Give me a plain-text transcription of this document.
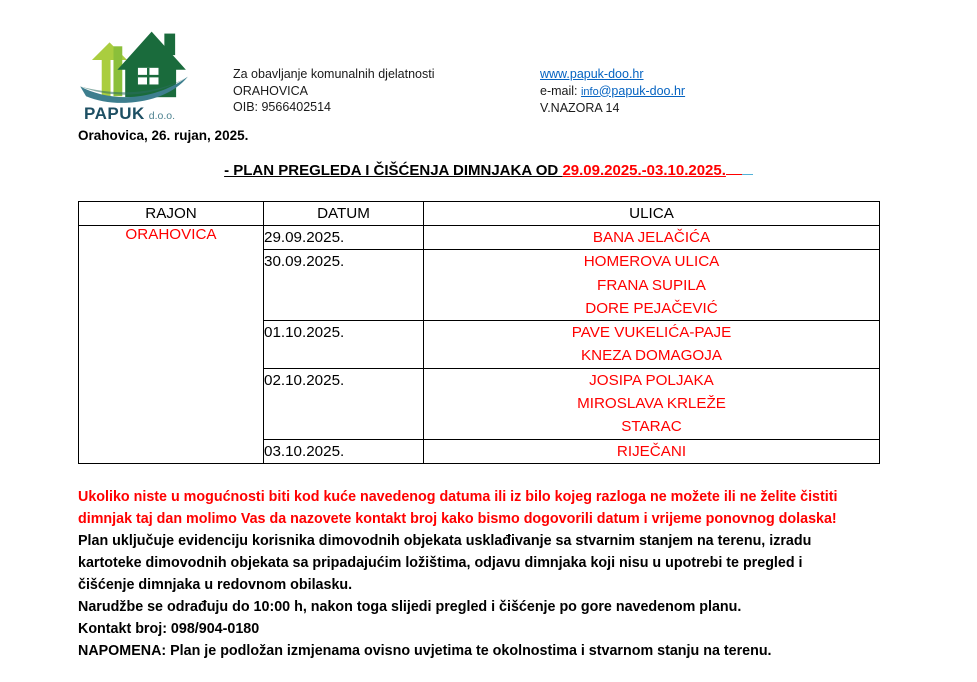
PAPUK d.o.o.
Za obavljanje komunalnih djelatnosti
ORAHOVICA
OIB: 9566402514
www.papuk-doo.hr
e-mail: info@papuk-doo.hr
V.NAZORA 14
Orahovica, 26. rujan, 2025.
- PLAN PREGLEDA I ČIŠĆENJA DIMNJAKA OD 29.09.2025.-03.10.2025.
RAJON	DATUM	ULICA
ORAHOVICA	29.09.2025.	BANA JELAČIĆA

	30.09.2025.	HOMEROVA ULICA
FRANA SUPILA
DORE PEJAČEVIĆ

	01.10.2025.	PAVE VUKELIĆA-PAJE
KNEZA DOMAGOJA

	02.10.2025.	JOSIPA POLJAKA
MIROSLAVA KRLEŽE
STARAC

	03.10.2025.	RIJEČANI
Ukoliko niste u mogućnosti biti kod kuće navedenog datuma ili iz bilo kojeg razloga ne možete ili ne želite čistiti
dimnjak taj dan molimo Vas da nazovete kontakt broj kako bismo dogovorili datum i vrijeme ponovnog dolaska!
Plan uključuje evidenciju korisnika dimovodnih objekata usklađivanje sa stvarnim stanjem na terenu, izradu
kartoteke dimovodnih objekata sa pripadajućim ložištima, odjavu dimnjaka koji nisu u upotrebi te pregled i
čišćenje dimnjaka u redovnom obilasku.
Narudžbe se odrađuju do 10:00 h, nakon toga slijedi pregled i čišćenje po gore navedenom planu.
Kontakt broj: 098/904-0180
NAPOMENA: Plan je podložan izmjenama ovisno uvjetima te okolnostima i stvarnom stanju na terenu.
